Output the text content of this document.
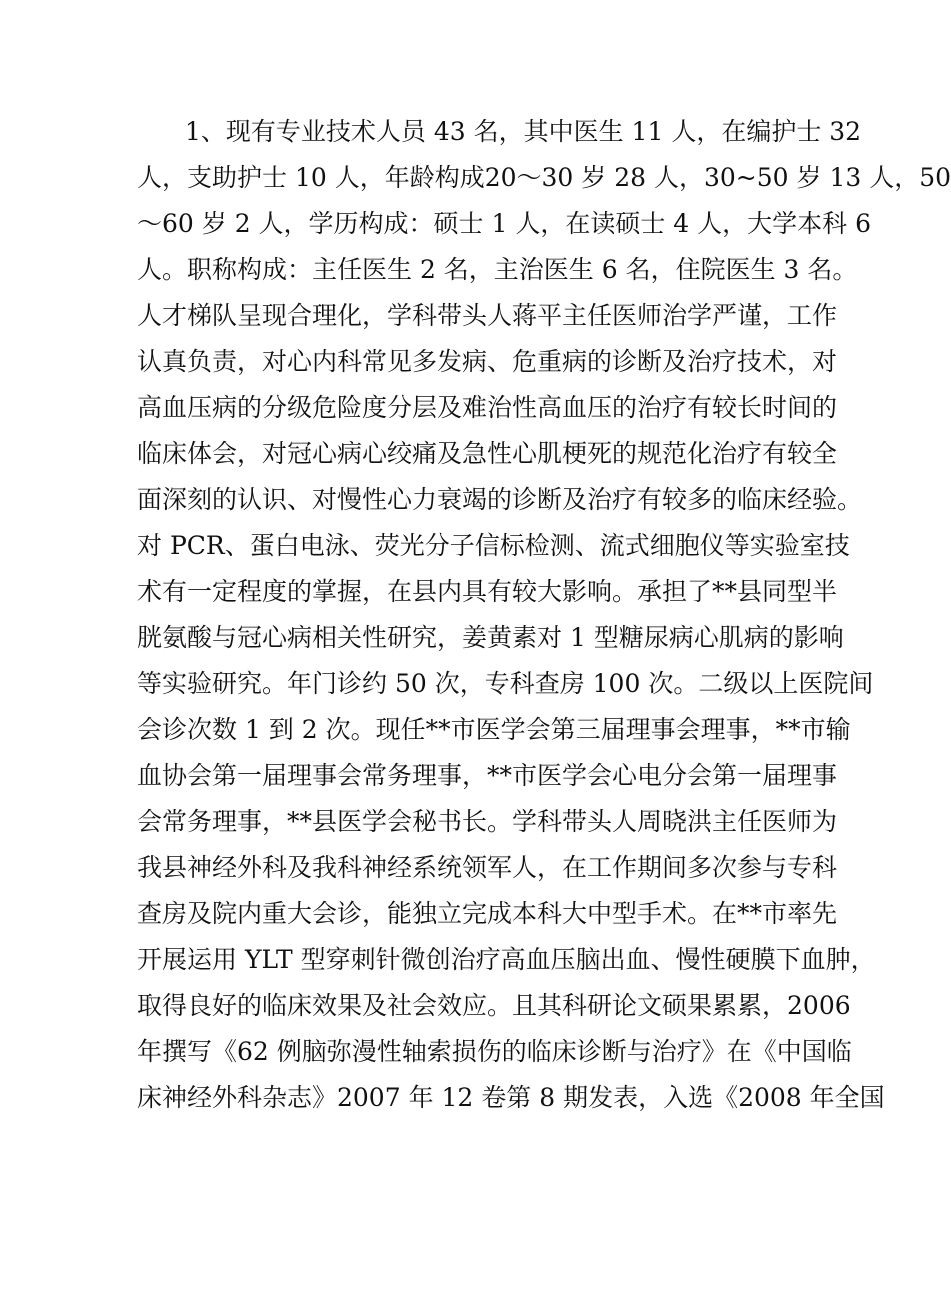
1、现有专业技术人员 43 名，其中医生 11 人，在编护士 32
人，支助护士 10 人，年龄构成20～30 岁 28 人，30~50 岁 13 人，50
～60 岁 2 人，学历构成：硕士 1 人，在读硕士 4 人，大学本科 6
人。职称构成：主任医生 2 名，主治医生 6 名，住院医生 3 名。
人才梯队呈现合理化，学科带头人蒋平主任医师治学严谨，工作
认真负责，对心内科常见多发病、危重病的诊断及治疗技术，对
高血压病的分级危险度分层及难治性高血压的治疗有较长时间的
临床体会，对冠心病心绞痛及急性心肌梗死的规范化治疗有较全
面深刻的认识、对慢性心力衰竭的诊断及治疗有较多的临床经验。
对 PCR、蛋白电泳、荧光分子信标检测、流式细胞仪等实验室技
术有一定程度的掌握，在县内具有较大影响。承担了**县同型半
胱氨酸与冠心病相关性研究，姜黄素对 1 型糖尿病心肌病的影响
等实验研究。年门诊约 50 次，专科查房 100 次。二级以上医院间
会诊次数 1 到 2 次。现任**市医学会第三届理事会理事，**市输
血协会第一届理事会常务理事，**市医学会心电分会第一届理事
会常务理事，**县医学会秘书长。学科带头人周晓洪主任医师为
我县神经外科及我科神经系统领军人，在工作期间多次参与专科
查房及院内重大会诊，能独立完成本科大中型手术。在**市率先
开展运用 YLT 型穿刺针微创治疗高血压脑出血、慢性硬膜下血肿，
取得良好的临床效果及社会效应。且其科研论文硕果累累，2006
年撰写《62 例脑弥漫性轴索损伤的临床诊断与治疗》在《中国临
床神经外科杂志》2007 年 12 卷第 8 期发表，入选《2008 年全国
